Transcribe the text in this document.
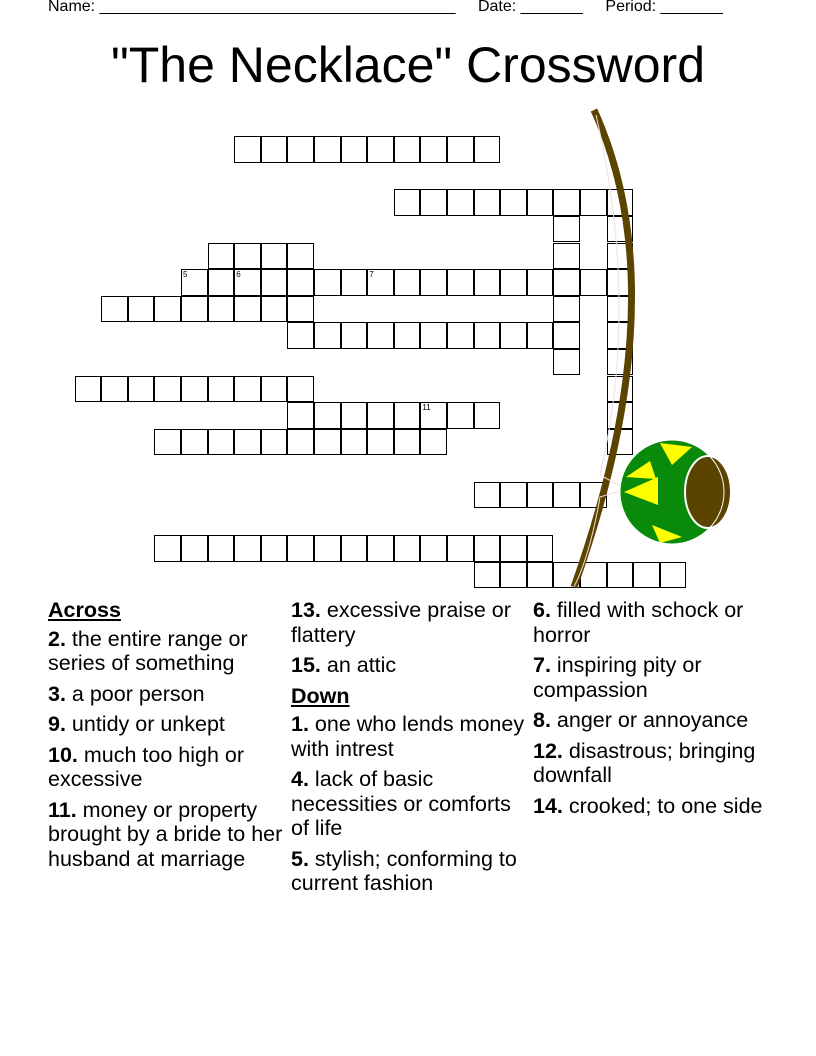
Name: ________________________________________ Date: _______ Period: _______
"The Necklace" Crossword
5	6	7
11
Across
2. the entire range or series of something
3. a poor person
9. untidy or unkept
10. much too high or excessive
11. money or property brought by a bride to her husband at marriage
13. excessive praise or flattery
15. an attic
Down
1. one who lends money with intrest
4. lack of basic necessities or comforts of life
5. stylish; conforming to current fashion
6. filled with schock or horror
7. inspiring pity or compassion
8. anger or annoyance
12. disastrous; bringing downfall
14. crooked; to one side
